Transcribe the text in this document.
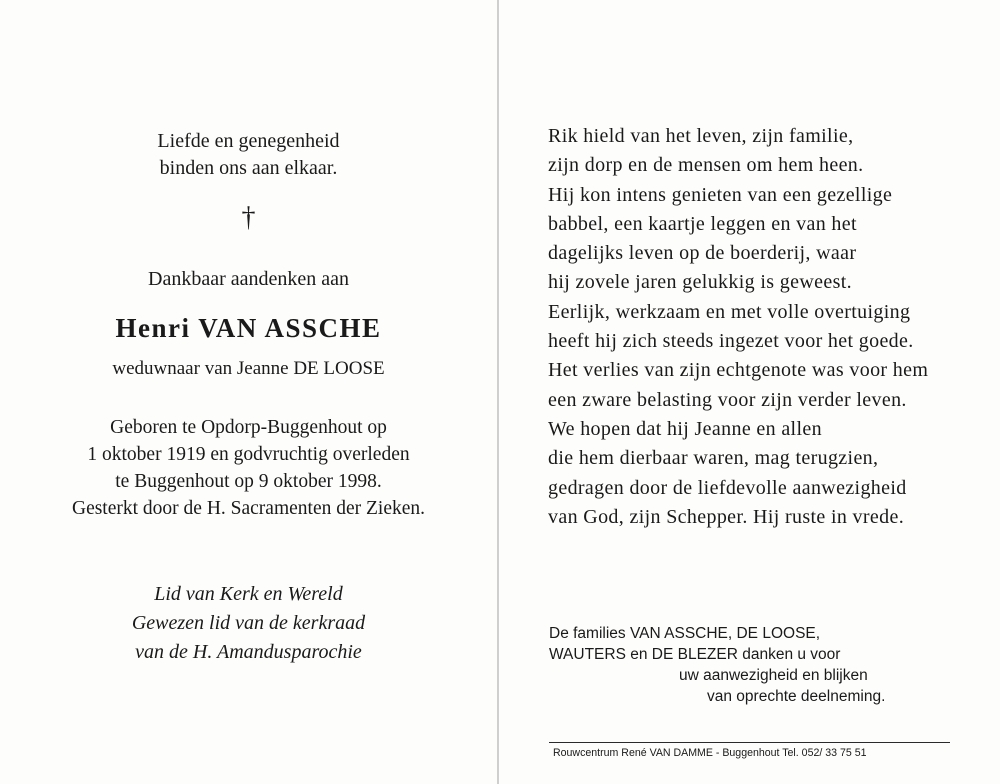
Liefde en genegenheid
binden ons aan elkaar.
†
Dankbaar aandenken aan
Henri VAN ASSCHE
weduwnaar van Jeanne DE LOOSE
Geboren te Opdorp-Buggenhout op
1 oktober 1919 en godvruchtig overleden
te Buggenhout op 9 oktober 1998.
Gesterkt door de H. Sacramenten der Zieken.
Lid van Kerk en Wereld
Gewezen lid van de kerkraad
van de H. Amandusparochie
Rik hield van het leven, zijn familie,
zijn dorp en de mensen om hem heen.
Hij kon intens genieten van een gezellige
babbel, een kaartje leggen en van het
dagelijks leven op de boerderij, waar
hij zovele jaren gelukkig is geweest.
Eerlijk, werkzaam en met volle overtuiging
heeft hij zich steeds ingezet voor het goede.
Het verlies van zijn echtgenote was voor hem
een zware belasting voor zijn verder leven.
We hopen dat hij Jeanne en allen
die hem dierbaar waren, mag terugzien,
gedragen door de liefdevolle aanwezigheid
van God, zijn Schepper. Hij ruste in vrede.
De families VAN ASSCHE, DE LOOSE,
WAUTERS en DE BLEZER danken u voor
uw aanwezigheid en blijken
van oprechte deelneming.
Rouwcentrum René VAN DAMME - Buggenhout Tel. 052/ 33 75 51
